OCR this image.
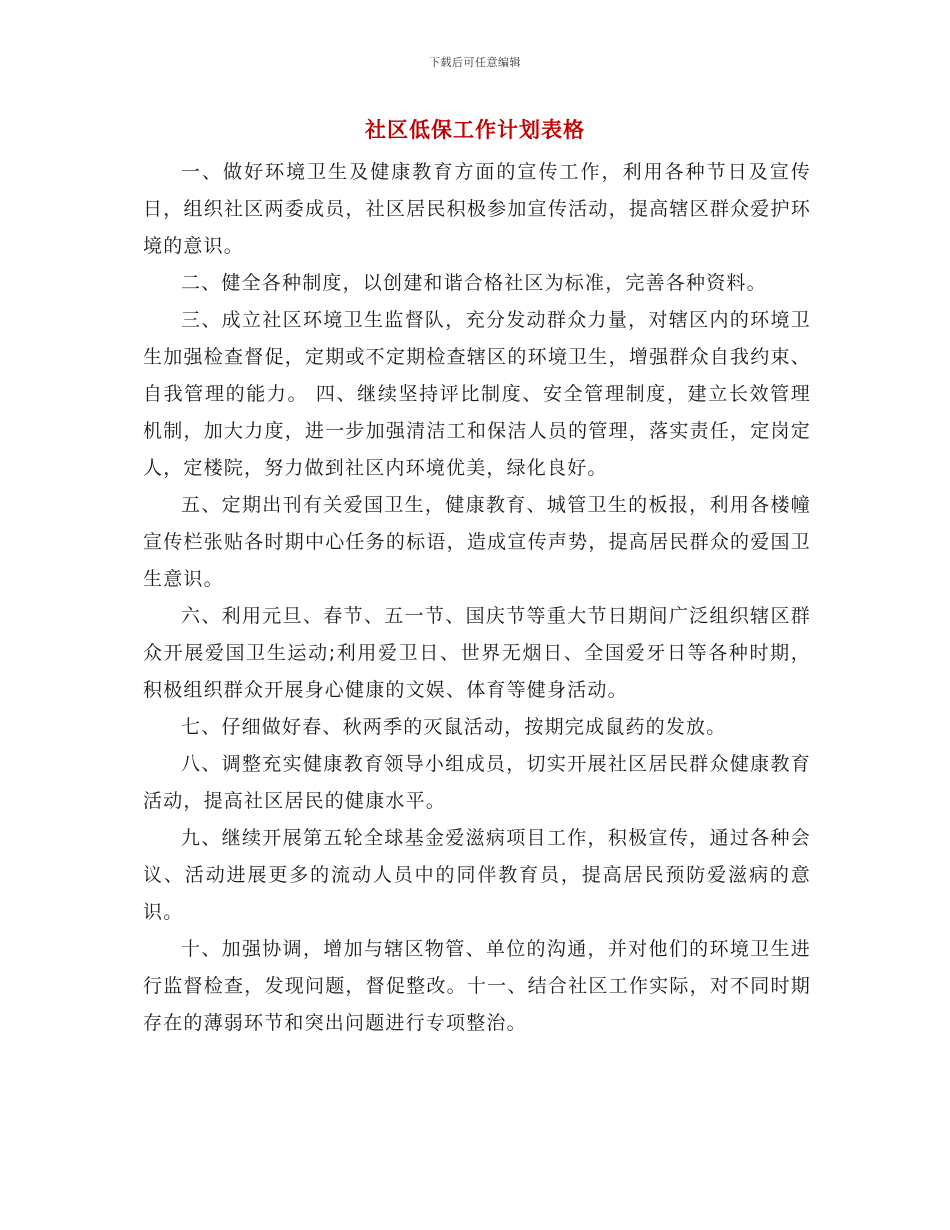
下载后可任意编辑
社区低保工作计划表格

一、做好环境卫生及健康教育方面的宣传工作，利用各种节日及宣传日，组织社区两委成员，社区居民积极参加宣传活动，提高辖区群众爱护环境的意识。

二、健全各种制度，以创建和谐合格社区为标准，完善各种资料。

三、成立社区环境卫生监督队，充分发动群众力量，对辖区内的环境卫生加强检查督促，定期或不定期检查辖区的环境卫生，增强群众自我约束、自我管理的能力。 四、继续坚持评比制度、安全管理制度，建立长效管理机制，加大力度，进一步加强清洁工和保洁人员的管理，落实责任，定岗定人，定楼院，努力做到社区内环境优美，绿化良好。

五、定期出刊有关爱国卫生，健康教育、城管卫生的板报，利用各楼幢宣传栏张贴各时期中心任务的标语，造成宣传声势，提高居民群众的爱国卫生意识。

六、利用元旦、春节、五一节、国庆节等重大节日期间广泛组织辖区群众开展爱国卫生运动;利用爱卫日、世界无烟日、全国爱牙日等各种时期，积极组织群众开展身心健康的文娱、体育等健身活动。

七、仔细做好春、秋两季的灭鼠活动，按期完成鼠药的发放。

八、调整充实健康教育领导小组成员，切实开展社区居民群众健康教育活动，提高社区居民的健康水平。

九、继续开展第五轮全球基金爱滋病项目工作，积极宣传，通过各种会议、活动进展更多的流动人员中的同伴教育员，提高居民预防爱滋病的意识。

十、加强协调，增加与辖区物管、单位的沟通，并对他们的环境卫生进行监督检查，发现问题，督促整改。十一、结合社区工作实际，对不同时期存在的薄弱环节和突出问题进行专项整治。
